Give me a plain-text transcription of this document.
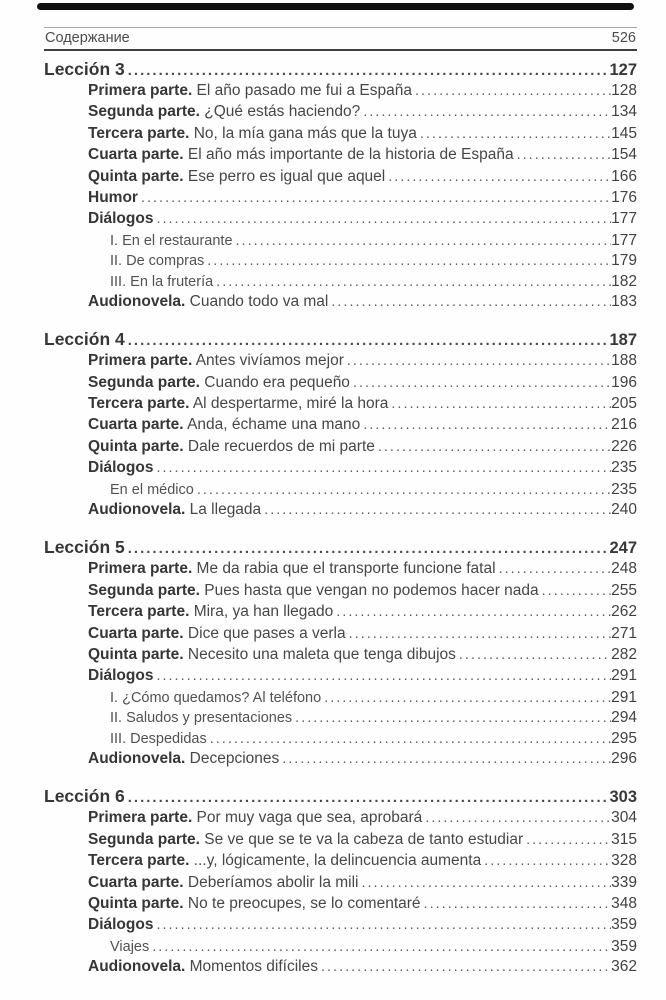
Содержание	526
Lección 3 .....	127
Primera parte. El año pasado me fui a España .....	128
Segunda parte. ¿Qué estás haciendo? .....	134
Tercera parte. No, la mía gana más que la tuya .....	145
Cuarta parte. El año más importante de la historia de España .....	154
Quinta parte. Ese perro es igual que aquel .....	166
Humor .....	176
Diálogos .....	177
I. En el restaurante .....	177
II. De compras .....	179
III. En la frutería .....	182
Audionovela. Cuando todo va mal .....	183
Lección 4 .....	187
Primera parte. Antes vivíamos mejor .....	188
Segunda parte. Cuando era pequeño .....	196
Tercera parte. Al despertarme, miré la hora .....	205
Cuarta parte. Anda, échame una mano .....	216
Quinta parte. Dale recuerdos de mi parte .....	226
Diálogos .....	235
En el médico .....	235
Audionovela. La llegada .....	240
Lección 5 .....	247
Primera parte. Me da rabia que el transporte funcione fatal .....	248
Segunda parte. Pues hasta que vengan no podemos hacer nada .....	255
Tercera parte. Mira, ya han llegado .....	262
Cuarta parte. Dice que pases a verla .....	271
Quinta parte. Necesito una maleta que tenga dibujos .....	282
Diálogos .....	291
I. ¿Cómo quedamos? Al teléfono .....	291
II. Saludos y presentaciones .....	294
III. Despedidas .....	295
Audionovela. Decepciones .....	296
Lección 6 .....	303
Primera parte. Por muy vaga que sea, aprobará .....	304
Segunda parte. Se ve que se te va la cabeza de tanto estudiar .....	315
Tercera parte. ...y, lógicamente, la delincuencia aumenta .....	328
Cuarta parte. Deberíamos abolir la mili .....	339
Quinta parte. No te preocupes, se lo comentaré .....	348
Diálogos .....	359
Viajes .....	359
Audionovela. Momentos difíciles .....	362
